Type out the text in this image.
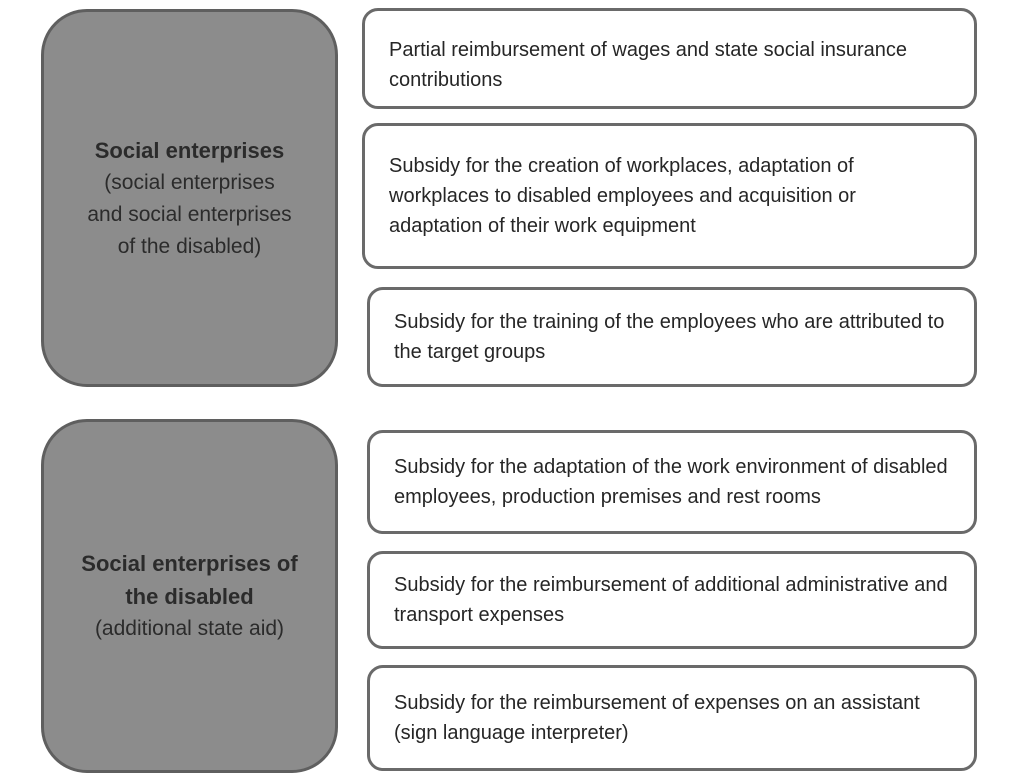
Social enterprises
(social enterprises
and social enterprises
of the disabled)
Social enterprises of
the disabled
(additional state aid)
Partial reimbursement of wages and state social insurance contributions
Subsidy for the creation of workplaces, adaptation of workplaces to disabled employees and acquisition or adaptation of their work equipment
Subsidy for the training of the employees who are attributed to the target groups
Subsidy for the adaptation of the work environment of disabled employees, production premises and rest rooms
Subsidy for the reimbursement of additional administrative and transport expenses
Subsidy for the reimbursement of expenses on an assistant (sign language interpreter)
